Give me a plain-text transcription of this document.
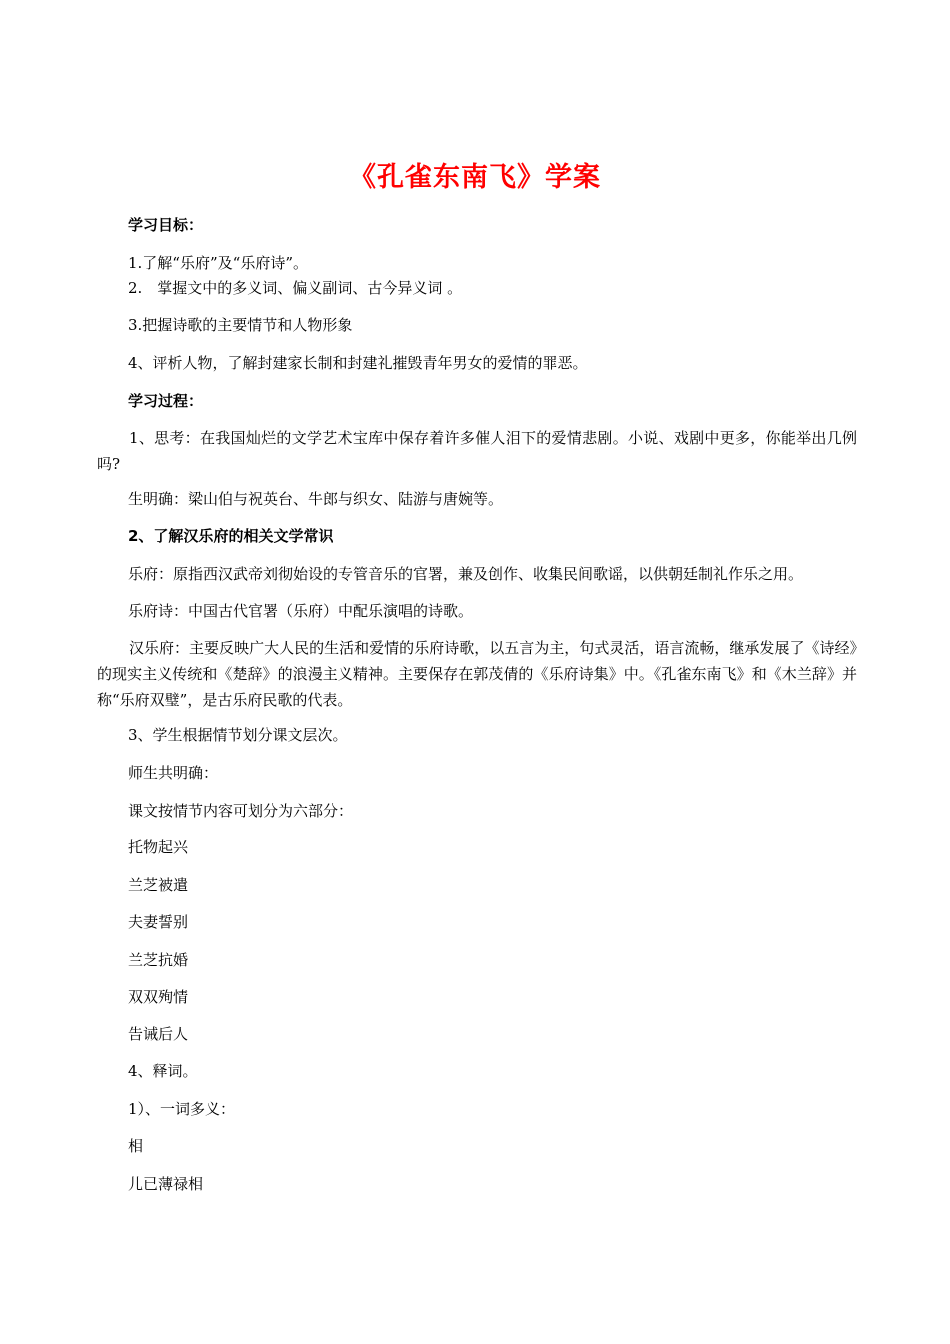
《孔雀东南飞》学案
学习目标：
1.了解“乐府”及“乐府诗”。
2.　掌握文中的多义词、偏义副词、古今异义词 。
3.把握诗歌的主要情节和人物形象
4、评析人物，了解封建家长制和封建礼摧毁青年男女的爱情的罪恶。
学习过程：

1、思考：在我国灿烂的文学艺术宝库中保存着许多催人泪下的爱情悲剧。小说、戏剧中更多，你能举出几例吗?

生明确：梁山伯与祝英台、牛郎与织女、陆游与唐婉等。
2、了解汉乐府的相关文学常识
乐府：原指西汉武帝刘彻始设的专管音乐的官署，兼及创作、收集民间歌谣，以供朝廷制礼作乐之用。
乐府诗：中国古代官署（乐府）中配乐演唱的诗歌。

汉乐府：主要反映广大人民的生活和爱情的乐府诗歌，以五言为主，句式灵活，语言流畅，继承发展了《诗经》的现实主义传统和《楚辞》的浪漫主义精神。主要保存在郭茂倩的《乐府诗集》中。《孔雀东南飞》和《木兰辞》并称“乐府双璧”，是古乐府民歌的代表。

3、学生根据情节划分课文层次。
师生共明确：
课文按情节内容可划分为六部分：
托物起兴
兰芝被遣
夫妻誓别
兰芝抗婚
双双殉情
告诫后人
4、释词。
1）、一词多义：
相
儿已薄禄相
